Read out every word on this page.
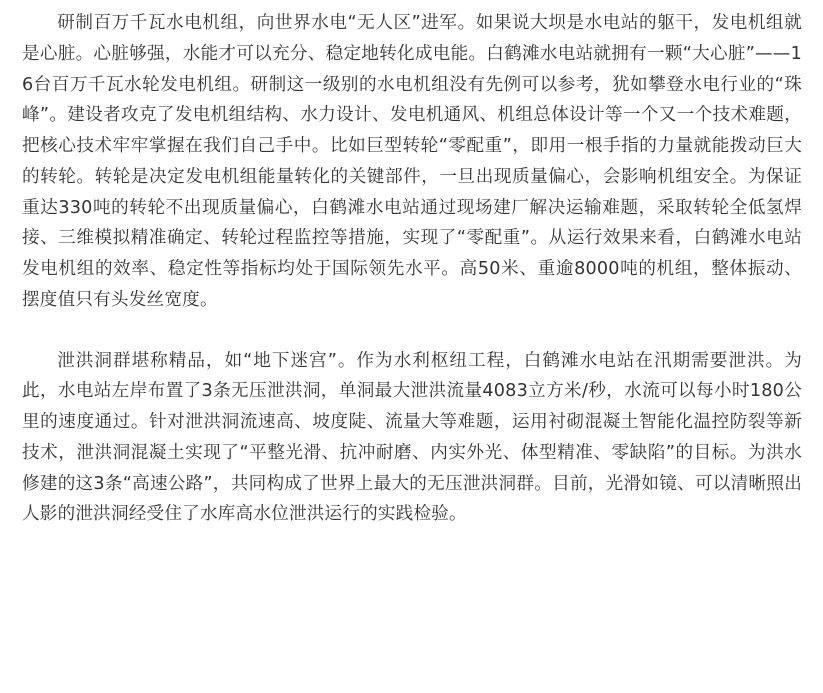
研制百万千瓦水电机组，向世界水电“无人区”进军。如果说大坝是水电站的躯干，发电机组就是心脏。心脏够强，水能才可以充分、稳定地转化成电能。白鹤滩水电站就拥有一颗“大心脏”——16台百万千瓦水轮发电机组。研制这一级别的水电机组没有先例可以参考，犹如攀登水电行业的“珠峰”。建设者攻克了发电机组结构、水力设计、发电机通风、机组总体设计等一个又一个技术难题，把核心技术牢牢掌握在我们自己手中。比如巨型转轮“零配重”，即用一根手指的力量就能拨动巨大的转轮。转轮是决定发电机组能量转化的关键部件，一旦出现质量偏心，会影响机组安全。为保证重达330吨的转轮不出现质量偏心，白鹤滩水电站通过现场建厂解决运输难题，采取转轮全低氢焊接、三维模拟精准确定、转轮过程监控等措施，实现了“零配重”。从运行效果来看，白鹤滩水电站发电机组的效率、稳定性等指标均处于国际领先水平。高50米、重逾8000吨的机组，整体振动、摆度值只有头发丝宽度。

泄洪洞群堪称精品，如“地下迷宫”。作为水利枢纽工程，白鹤滩水电站在汛期需要泄洪。为此，水电站左岸布置了3条无压泄洪洞，单洞最大泄洪流量4083立方米/秒，水流可以每小时180公里的速度通过。针对泄洪洞流速高、坡度陡、流量大等难题，运用衬砌混凝土智能化温控防裂等新技术，泄洪洞混凝土实现了“平整光滑、抗冲耐磨、内实外光、体型精准、零缺陷”的目标。为洪水修建的这3条“高速公路”，共同构成了世界上最大的无压泄洪洞群。目前，光滑如镜、可以清晰照出人影的泄洪洞经受住了水库高水位泄洪运行的实践检验。
